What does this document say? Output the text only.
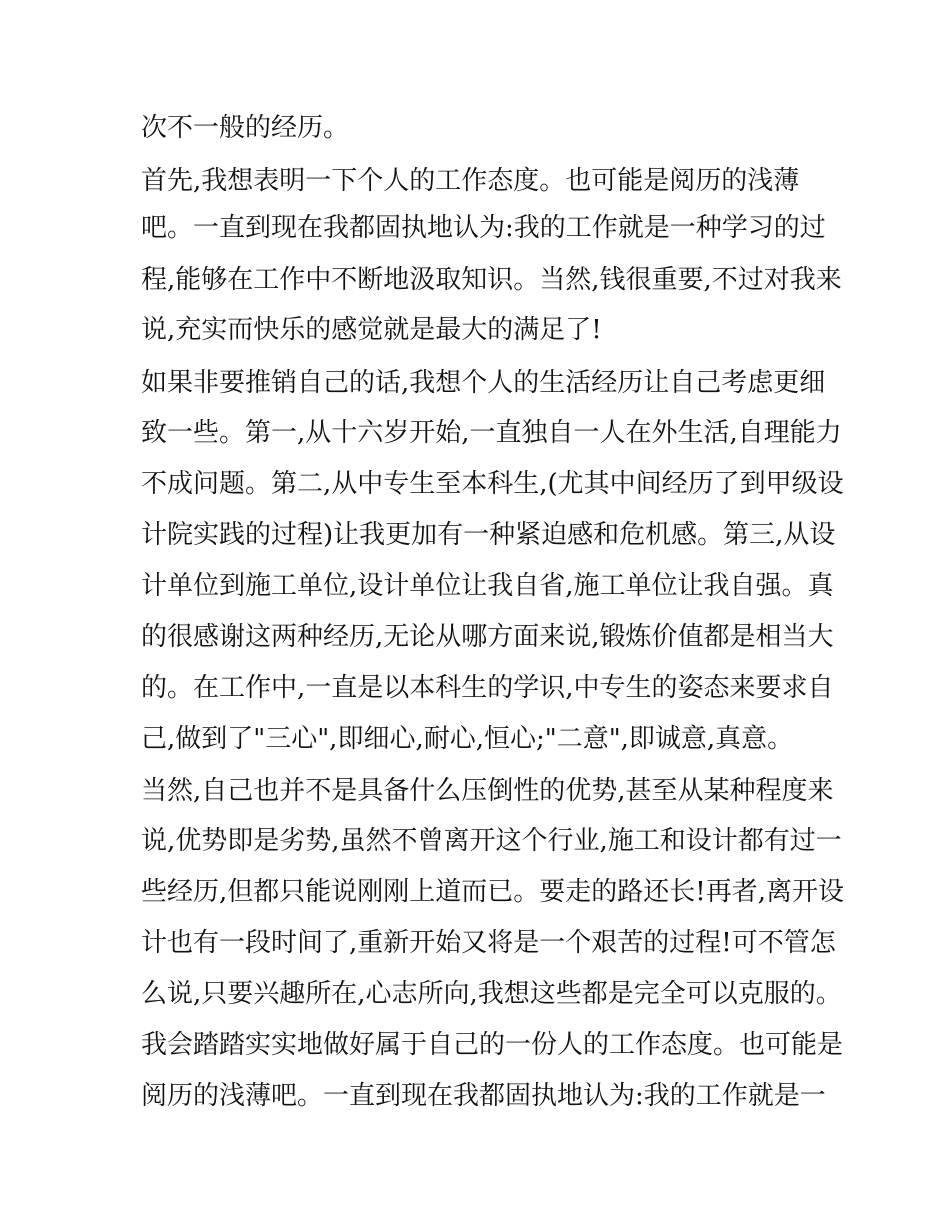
次不一般的经历。
首先,我想表明一下个人的工作态度。也可能是阅历的浅薄
吧。一直到现在我都固执地认为:我的工作就是一种学习的过
程,能够在工作中不断地汲取知识。当然,钱很重要,不过对我来
说,充实而快乐的感觉就是最大的满足了!
如果非要推销自己的话,我想个人的生活经历让自己考虑更细
致一些。第一,从十六岁开始,一直独自一人在外生活,自理能力
不成问题。第二,从中专生至本科生,(尤其中间经历了到甲级设
计院实践的过程)让我更加有一种紧迫感和危机感。第三,从设
计单位到施工单位,设计单位让我自省,施工单位让我自强。真
的很感谢这两种经历,无论从哪方面来说,锻炼价值都是相当大
的。在工作中,一直是以本科生的学识,中专生的姿态来要求自
己,做到了"三心",即细心,耐心,恒心;"二意",即诚意,真意。
当然,自己也并不是具备什么压倒性的优势,甚至从某种程度来
说,优势即是劣势,虽然不曾离开这个行业,施工和设计都有过一
些经历,但都只能说刚刚上道而已。要走的路还长!再者,离开设
计也有一段时间了,重新开始又将是一个艰苦的过程!可不管怎
么说,只要兴趣所在,心志所向,我想这些都是完全可以克服的。
我会踏踏实实地做好属于自己的一份人的工作态度。也可能是
阅历的浅薄吧。一直到现在我都固执地认为:我的工作就是一
